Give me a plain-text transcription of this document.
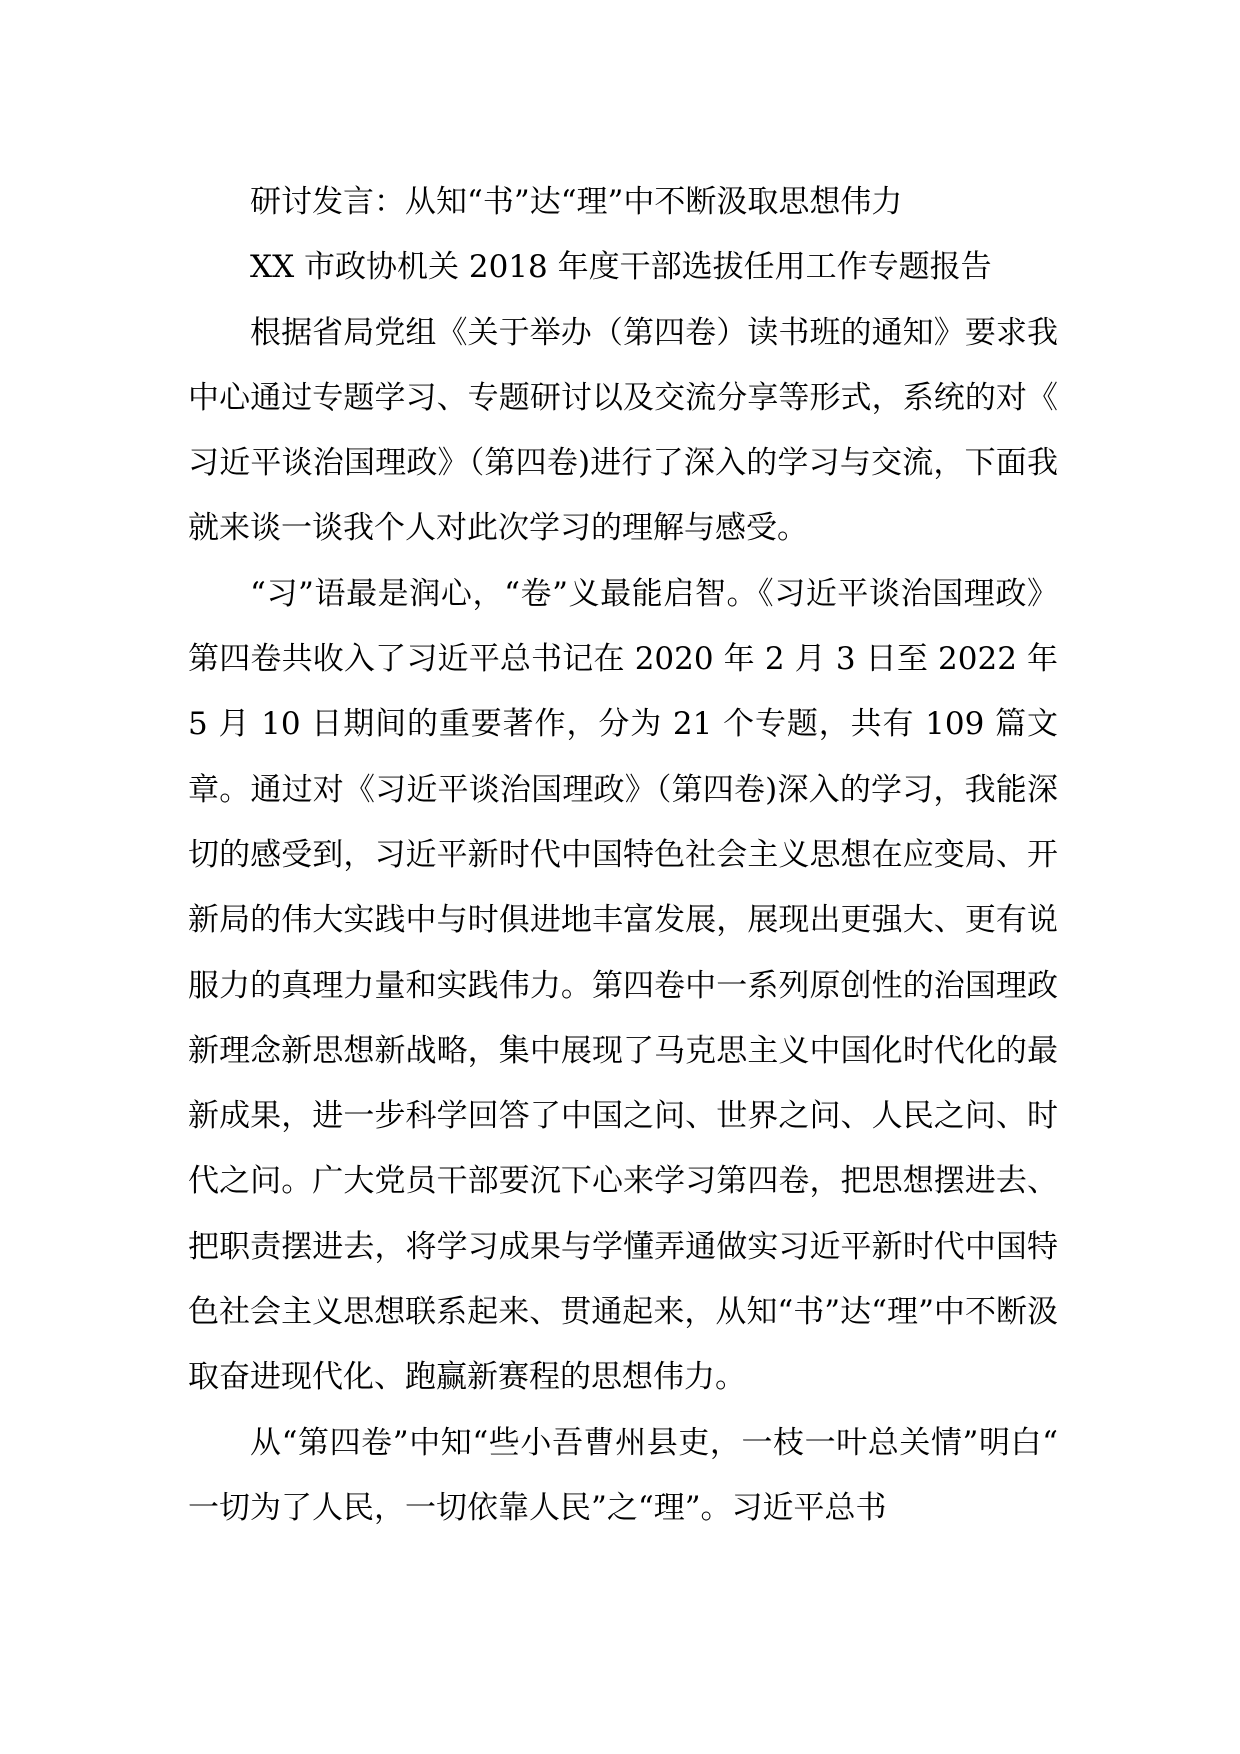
研讨发言：从知“书”达“理”中不断汲取思想伟力

XX 市政协机关 2018 年度干部选拔任用工作专题报告

根据省局党组《关于举办（第四卷）读书班的通知》要求我中心通过专题学习、专题研讨以及交流分享等形式，系统的对《习近平谈治国理政》（第四卷)进行了深入的学习与交流，下面我就来谈一谈我个人对此次学习的理解与感受。

“习”语最是润心，“卷”义最能启智。《习近平谈治国理政》第四卷共收入了习近平总书记在 2020 年 2 月 3 日至 2022 年 5 月 10 日期间的重要著作，分为 21 个专题，共有 109 篇文章。通过对《习近平谈治国理政》（第四卷)深入的学习，我能深切的感受到，习近平新时代中国特色社会主义思想在应变局、开新局的伟大实践中与时俱进地丰富发展，展现出更强大、更有说服力的真理力量和实践伟力。第四卷中一系列原创性的治国理政新理念新思想新战略，集中展现了马克思主义中国化时代化的最新成果，进一步科学回答了中国之问、世界之问、人民之问、时代之问。广大党员干部要沉下心来学习第四卷，把思想摆进去、把职责摆进去，将学习成果与学懂弄通做实习近平新时代中国特色社会主义思想联系起来、贯通起来，从知“书”达“理”中不断汲取奋进现代化、跑赢新赛程的思想伟力。

从“第四卷”中知“些小吾曹州县吏，一枝一叶总关情”明白“一切为了人民，一切依靠人民”之“理”。习近平总书
